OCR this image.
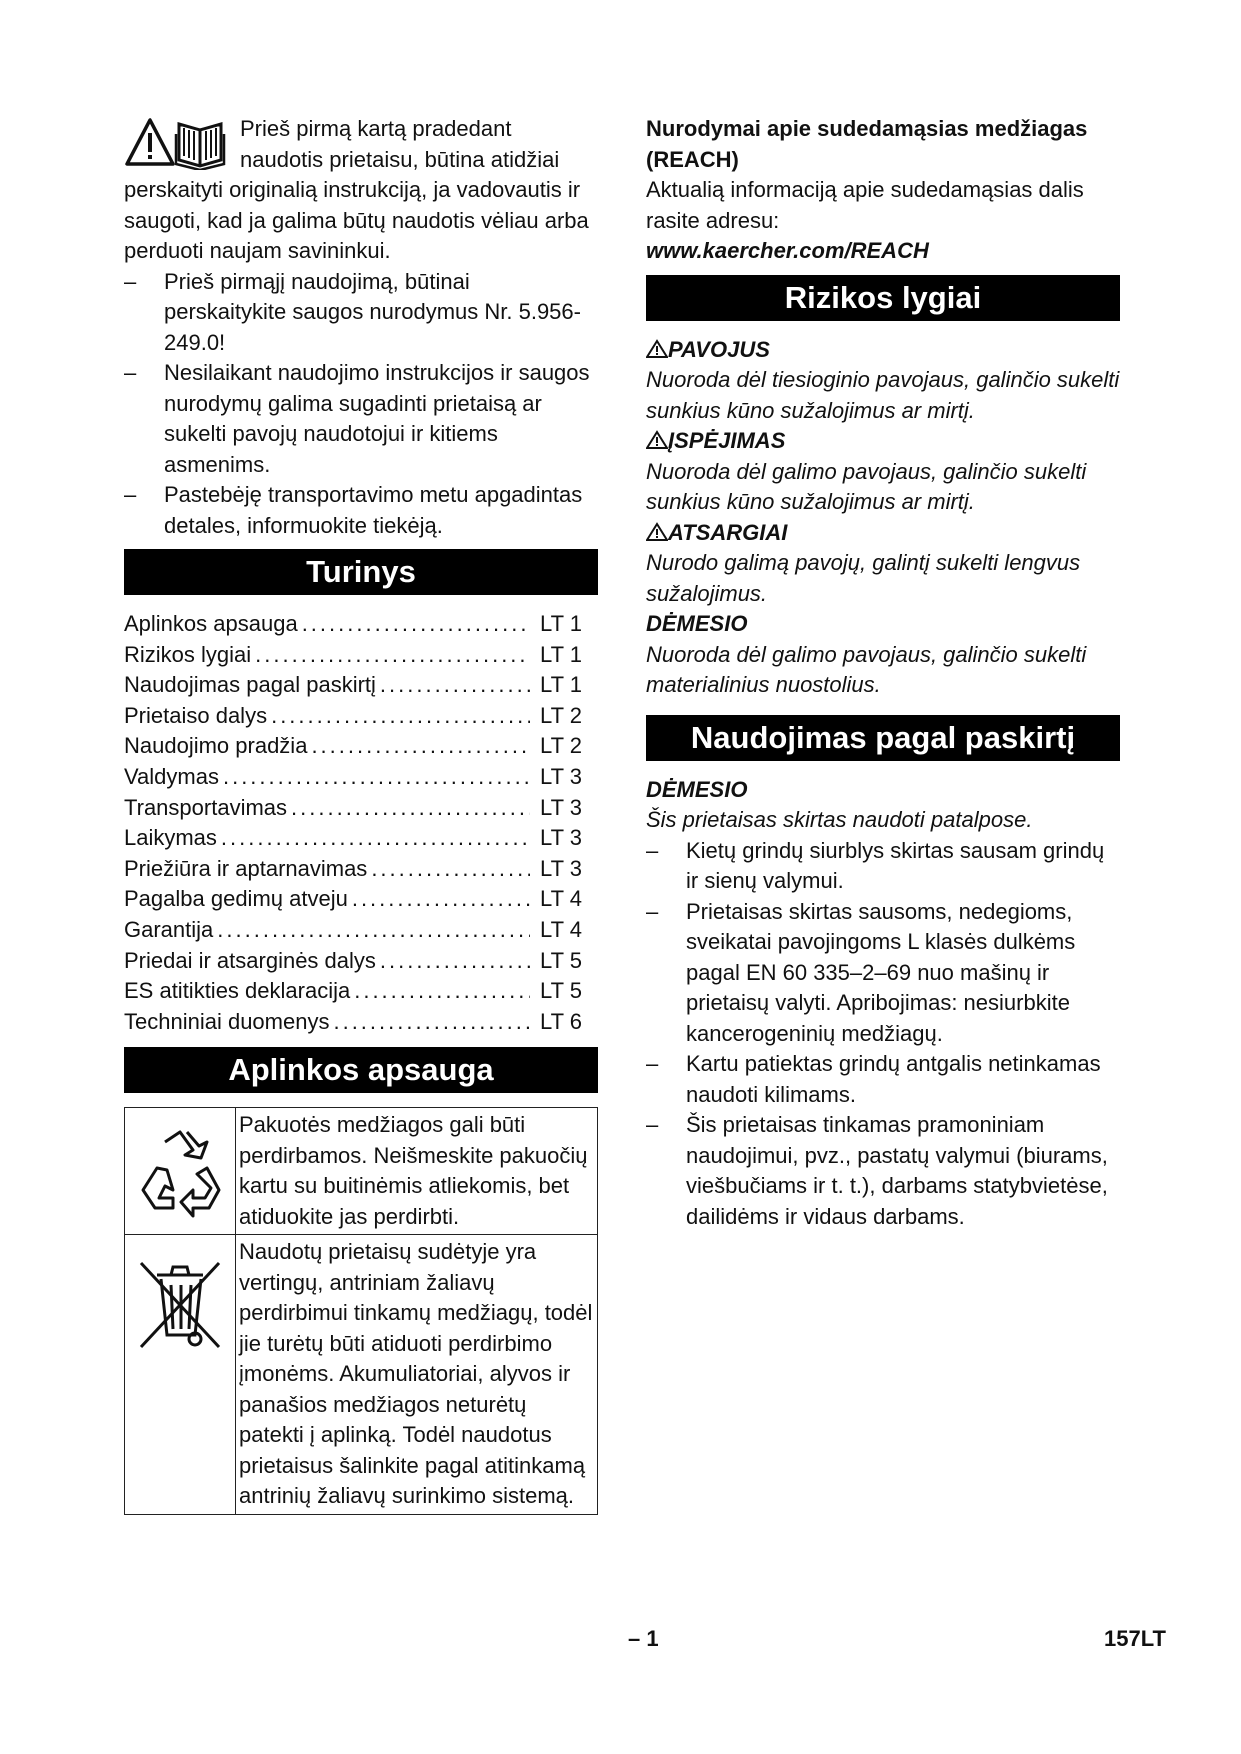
Prieš pirmą kartą pradedant naudotis prietaisu, būtina atidžiai perskaityti originalią instrukciją, ja vadovautis ir saugoti, kad ja galima būtų naudotis vėliau arba perduoti naujam savininkui.

– Prieš pirmąjį naudojimą, būtinai perskaitykite saugos nurodymus Nr. 5.956-249.0!
– Nesilaikant naudojimo instrukcijos ir saugos nurodymų galima sugadinti prietaisą ar sukelti pavojų naudotojui ir kitiems asmenims.
– Pastebėję transportavimo metu apgadintas detales, informuokite tiekėją.
Turinys
Aplinkos apsauga .....	LT 1
Rizikos lygiai .....	LT 1
Naudojimas pagal paskirtį .....	LT 1
Prietaiso dalys .....	LT 2
Naudojimo pradžia .....	LT 2
Valdymas .....	LT 3
Transportavimas .....	LT 3
Laikymas .....	LT 3
Priežiūra ir aptarnavimas .....	LT 3
Pagalba gedimų atveju .....	LT 4
Garantija .....	LT 4
Priedai ir atsarginės dalys .....	LT 5
ES atitikties deklaracija .....	LT 5
Techniniai duomenys .....	LT 6
Aplinkos apsauga
	Pakuotės medžiagos gali būti perdirbamos. Neišmeskite pakuočių kartu su buitinėmis atliekomis, bet atiduokite jas perdirbti.
	Naudotų prietaisų sudėtyje yra vertingų, antriniam žaliavų perdirbimui tinkamų medžiagų, todėl jie turėtų būti atiduoti perdirbimo įmonėms. Akumuliatoriai, alyvos ir panašios medžiagos neturėtų patekti į aplinką. Todėl naudotus prietaisus šalinkite pagal atitinkamą antrinių žaliavų surinkimo sistemą.

Nurodymai apie sudedamąsias medžiagas (REACH)

Aktualią informaciją apie sudedamąsias dalis rasite adresu:

www.kaercher.com/REACH

Rizikos lygiai

PAVOJUS

Nuoroda dėl tiesioginio pavojaus, galinčio sukelti sunkius kūno sužalojimus ar mirtį.

ĮSPĖJIMAS

Nuoroda dėl galimo pavojaus, galinčio sukelti sunkius kūno sužalojimus ar mirtį.

ATSARGIAI

Nurodo galimą pavojų, galintį sukelti lengvus sužalojimus.

DĖMESIO

Nuoroda dėl galimo pavojaus, galinčio sukelti materialinius nuostolius.

Naudojimas pagal paskirtį

DĖMESIO

Šis prietaisas skirtas naudoti patalpose.

– Kietų grindų siurblys skirtas sausam grindų ir sienų valymui.
– Prietaisas skirtas sausoms, nedegioms, sveikatai pavojingoms L klasės dulkėms pagal EN 60 335–2–69 nuo mašinų ir prietaisų valyti. Apribojimas: nesiurbkite kancerogeninių medžiagų.
– Kartu patiektas grindų antgalis netinkamas naudoti kilimams.
– Šis prietaisas tinkamas pramoniniam naudojimui, pvz., pastatų valymui (biurams, viešbučiams ir t. t.), darbams statybvietėse, dailidėms ir vidaus darbams.
– 1	157LT
